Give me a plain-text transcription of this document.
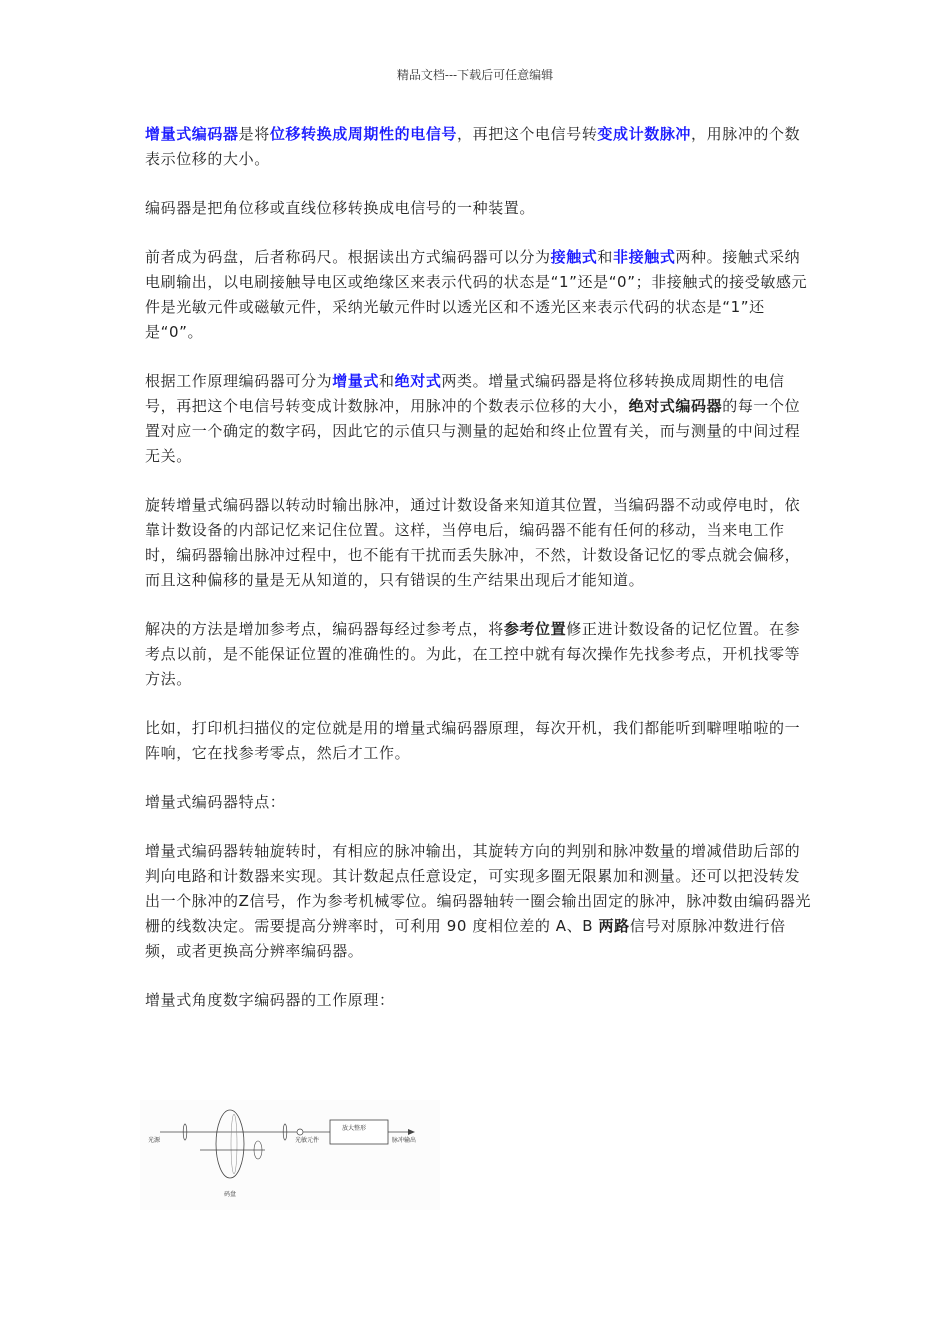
精品文档---下载后可任意编辑

增量式编码器是将位移转换成周期性的电信号，再把这个电信号转变成计数脉冲，用脉冲的个数表示位移的大小。

编码器是把角位移或直线位移转换成电信号的一种装置。

前者成为码盘，后者称码尺。根据读出方式编码器可以分为接触式和非接触式两种。接触式采纳电刷输出，以电刷接触导电区或绝缘区来表示代码的状态是“1”还是“0”；非接触式的接受敏感元件是光敏元件或磁敏元件，采纳光敏元件时以透光区和不透光区来表示代码的状态是“1”还是“0”。

根据工作原理编码器可分为增量式和绝对式两类。增量式编码器是将位移转换成周期性的电信号，再把这个电信号转变成计数脉冲，用脉冲的个数表示位移的大小，绝对式编码器的每一个位置对应一个确定的数字码，因此它的示值只与测量的起始和终止位置有关，而与测量的中间过程无关。

旋转增量式编码器以转动时输出脉冲，通过计数设备来知道其位置，当编码器不动或停电时，依靠计数设备的内部记忆来记住位置。这样，当停电后，编码器不能有任何的移动，当来电工作时，编码器输出脉冲过程中，也不能有干扰而丢失脉冲，不然，计数设备记忆的零点就会偏移，而且这种偏移的量是无从知道的，只有错误的生产结果出现后才能知道。

解决的方法是增加参考点，编码器每经过参考点，将参考位置修正进计数设备的记忆位置。在参考点以前，是不能保证位置的准确性的。为此，在工控中就有每次操作先找参考点，开机找零等方法。

比如，打印机扫描仪的定位就是用的增量式编码器原理，每次开机，我们都能听到噼哩啪啦的一阵响，它在找参考零点，然后才工作。

增量式编码器特点：

增量式编码器转轴旋转时，有相应的脉冲输出，其旋转方向的判别和脉冲数量的增减借助后部的判向电路和计数器来实现。其计数起点任意设定，可实现多圈无限累加和测量。还可以把没转发出一个脉冲的Z信号，作为参考机械零位。编码器轴转一圈会输出固定的脉冲，脉冲数由编码器光栅的线数决定。需要提高分辨率时，可利用 90 度相位差的 A、B 两路信号对原脉冲数进行倍频，或者更换高分辨率编码器。

增量式角度数字编码器的工作原理：

光源
码盘
光敏元件
放大整形
脉冲输出
